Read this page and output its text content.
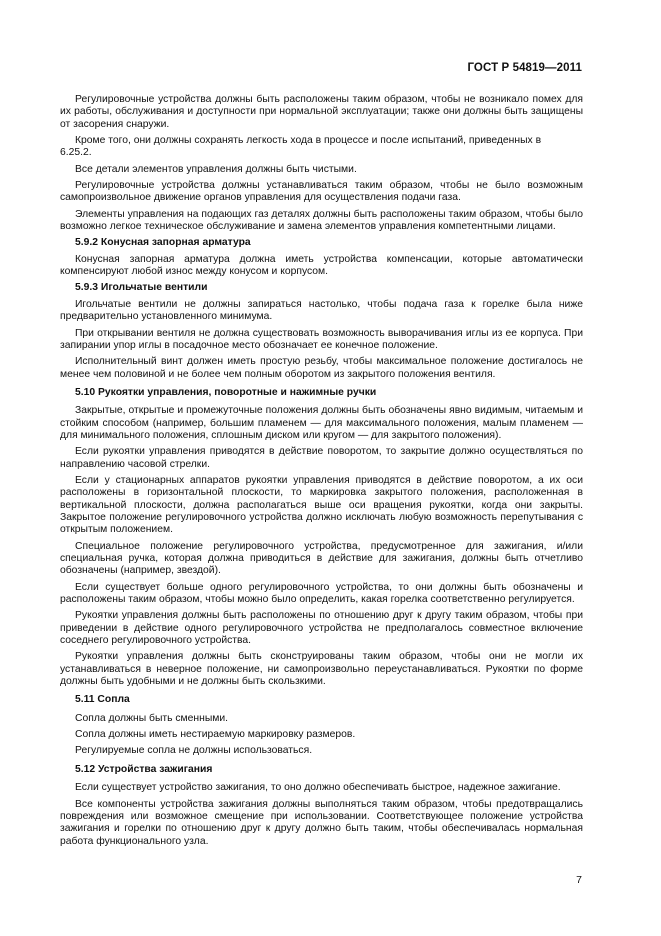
ГОСТ Р 54819—2011

Регулировочные устройства должны быть расположены таким образом, чтобы не возникало помех для их работы, обслуживания и доступности при нормальной эксплуатации; также они должны быть защищены от засорения снаружи.

Кроме того, они должны сохранять легкость хода в процессе и после испытаний, приведенных в

6.25.2.

Все детали элементов управления должны быть чистыми.

Регулировочные устройства должны устанавливаться таким образом, чтобы не было возможным самопроизвольное движение органов управления для осуществления подачи газа.

Элементы управления на подающих газ деталях должны быть расположены таким образом, чтобы было возможно легкое техническое обслуживание и замена элементов управления компетентными лицами.

5.9.2 Конусная запорная арматура

Конусная запорная арматура должна иметь устройства компенсации, которые автоматически компенсируют любой износ между конусом и корпусом.

5.9.3 Игольчатые вентили

Игольчатые вентили не должны запираться настолько, чтобы подача газа к горелке была ниже предварительно установленного минимума.

При открывании вентиля не должна существовать возможность выворачивания иглы из ее корпуса. При запирании упор иглы в посадочное место обозначает ее конечное положение.

Исполнительный винт должен иметь простую резьбу, чтобы максимальное положение достигалось не менее чем половиной и не более чем полным оборотом из закрытого положения вентиля.

5.10 Рукоятки управления, поворотные и нажимные ручки

Закрытые, открытые и промежуточные положения должны быть обозначены явно видимым, читаемым и стойким способом (например, большим пламенем — для максимального положения, малым пламенем — для минимального положения, сплошным диском или кругом — для закрытого положения).

Если рукоятки управления приводятся в действие поворотом, то закрытие должно осуществляться по направлению часовой стрелки.

Если у стационарных аппаратов рукоятки управления приводятся в действие поворотом, а их оси расположены в горизонтальной плоскости, то маркировка закрытого положения, расположенная в вертикальной плоскости, должна располагаться выше оси вращения рукоятки, когда они закрыты. Закрытое положение регулировочного устройства должно исключать любую возможность перепутывания с открытым положением.

Специальное положение регулировочного устройства, предусмотренное для зажигания, и/или специальная ручка, которая должна приводиться в действие для зажигания, должны быть отчетливо обозначены (например, звездой).

Если существует больше одного регулировочного устройства, то они должны быть обозначены и расположены таким образом, чтобы можно было определить, какая горелка соответственно регулируется.

Рукоятки управления должны быть расположены по отношению друг к другу таким образом, чтобы при приведении в действие одного регулировочного устройства не предполагалось совместное включение соседнего регулировочного устройства.

Рукоятки управления должны быть сконструированы таким образом, чтобы они не могли их устанавливаться в неверное положение, ни самопроизвольно переустанавливаться. Рукоятки по форме должны быть удобными и не должны быть скользкими.

5.11 Сопла

Сопла должны быть сменными.

Сопла должны иметь нестираемую маркировку размеров.

Регулируемые сопла не должны использоваться.

5.12 Устройства зажигания

Если существует устройство зажигания, то оно должно обеспечивать быстрое, надежное зажигание.

Все компоненты устройства зажигания должны выполняться таким образом, чтобы предотвращались повреждения или возможное смещение при использовании. Соответствующее положение устройства зажигания и горелки по отношению друг к другу должно быть таким, чтобы обеспечивалась нормальная работа функционального узла.

7
